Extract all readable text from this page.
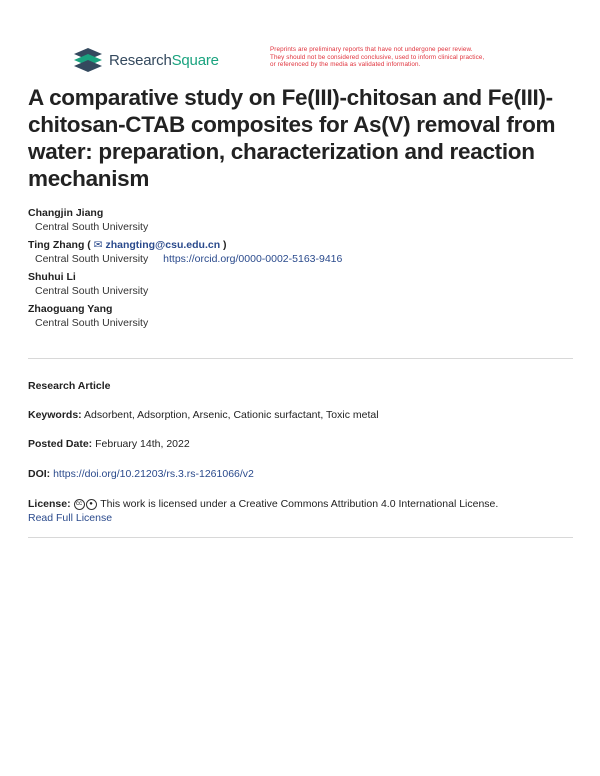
ResearchSquare
Preprints are preliminary reports that have not undergone peer review.
They should not be considered conclusive, used to inform clinical practice,
or referenced by the media as validated information.
A comparative study on Fe(III)-chitosan and Fe(III)-chitosan-CTAB composites for As(V) removal from water: preparation, characterization and reaction mechanism
Changjin Jiang
Central South University
Ting Zhang ( ✉ zhangting@csu.edu.cn )
Central South University https://orcid.org/0000-0002-5163-9416
Shuhui Li
Central South University
Zhaoguang Yang
Central South University
Research Article
Keywords: Adsorbent, Adsorption, Arsenic, Cationic surfactant, Toxic metal
Posted Date: February 14th, 2022
DOI: https://doi.org/10.21203/rs.3.rs-1261066/v2
License: cc ● This work is licensed under a Creative Commons Attribution 4.0 International License.
Read Full License
